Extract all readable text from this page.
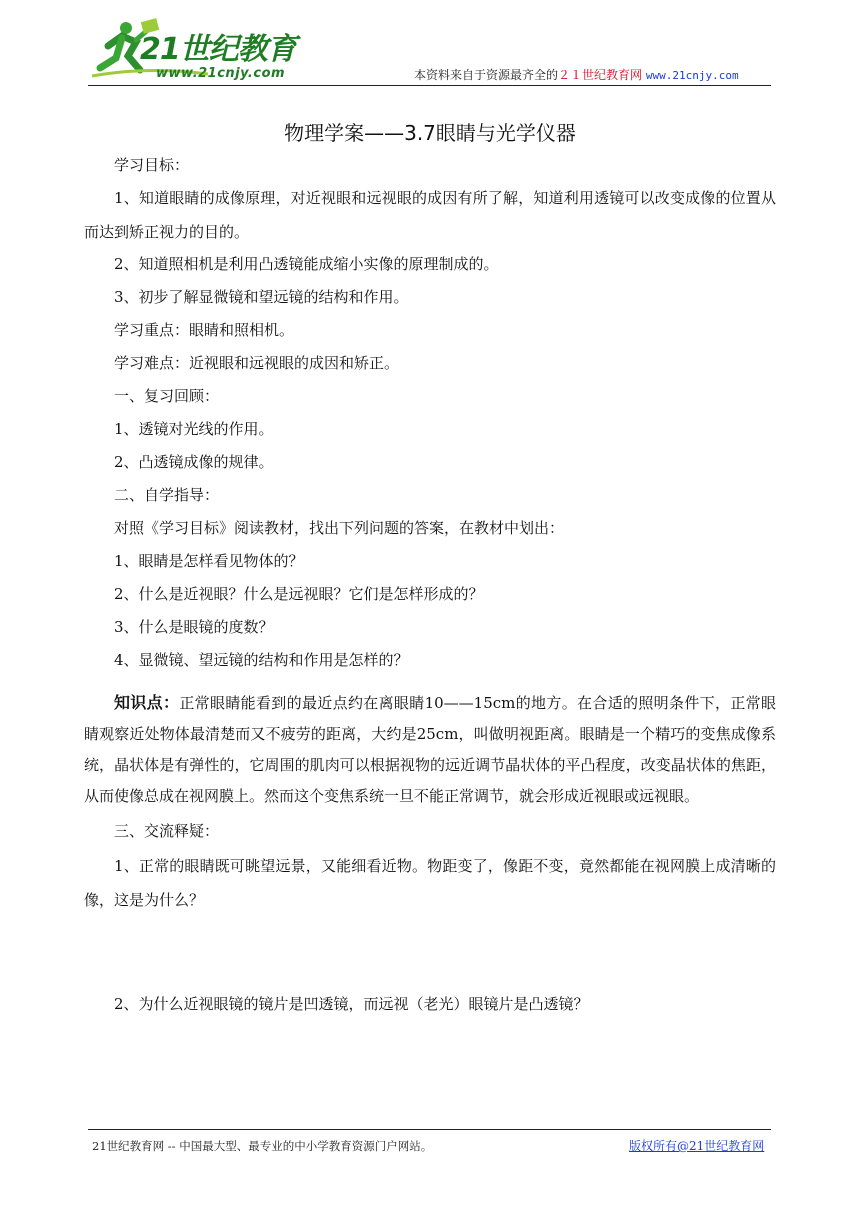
21世纪教育
www.21cnjy.com	本资料来自于资源最齐全的２１世纪教育网 www.21cnjy.com
物理学案——3.7眼睛与光学仪器

学习目标：

1、知道眼睛的成像原理，对近视眼和远视眼的成因有所了解，知道利用透镜可以改变成像的位置从而达到矫正视力的目的。

2、知道照相机是利用凸透镜能成缩小实像的原理制成的。

3、初步了解显微镜和望远镜的结构和作用。

学习重点：眼睛和照相机。

学习难点：近视眼和远视眼的成因和矫正。

一、复习回顾：

1、透镜对光线的作用。

2、凸透镜成像的规律。

二、自学指导：

对照《学习目标》阅读教材，找出下列问题的答案，在教材中划出：

1、眼睛是怎样看见物体的？

2、什么是近视眼？什么是远视眼？它们是怎样形成的？

3、什么是眼镜的度数？

4、显微镜、望远镜的结构和作用是怎样的？

知识点：正常眼睛能看到的最近点约在离眼睛10——15cm的地方。在合适的照明条件下，正常眼睛观察近处物体最清楚而又不疲劳的距离，大约是25cm，叫做明视距离。眼睛是一个精巧的变焦成像系统，晶状体是有弹性的，它周围的肌肉可以根据视物的远近调节晶状体的平凸程度，改变晶状体的焦距，从而使像总成在视网膜上。然而这个变焦系统一旦不能正常调节，就会形成近视眼或远视眼。

三、交流释疑：

1、正常的眼睛既可眺望远景，又能细看近物。物距变了，像距不变，竟然都能在视网膜上成清晰的像，这是为什么？

2、为什么近视眼镜的镜片是凹透镜，而远视（老光）眼镜片是凸透镜？

21世纪教育网 -- 中国最大型、最专业的中小学教育资源门户网站。	版权所有@21世纪教育网
